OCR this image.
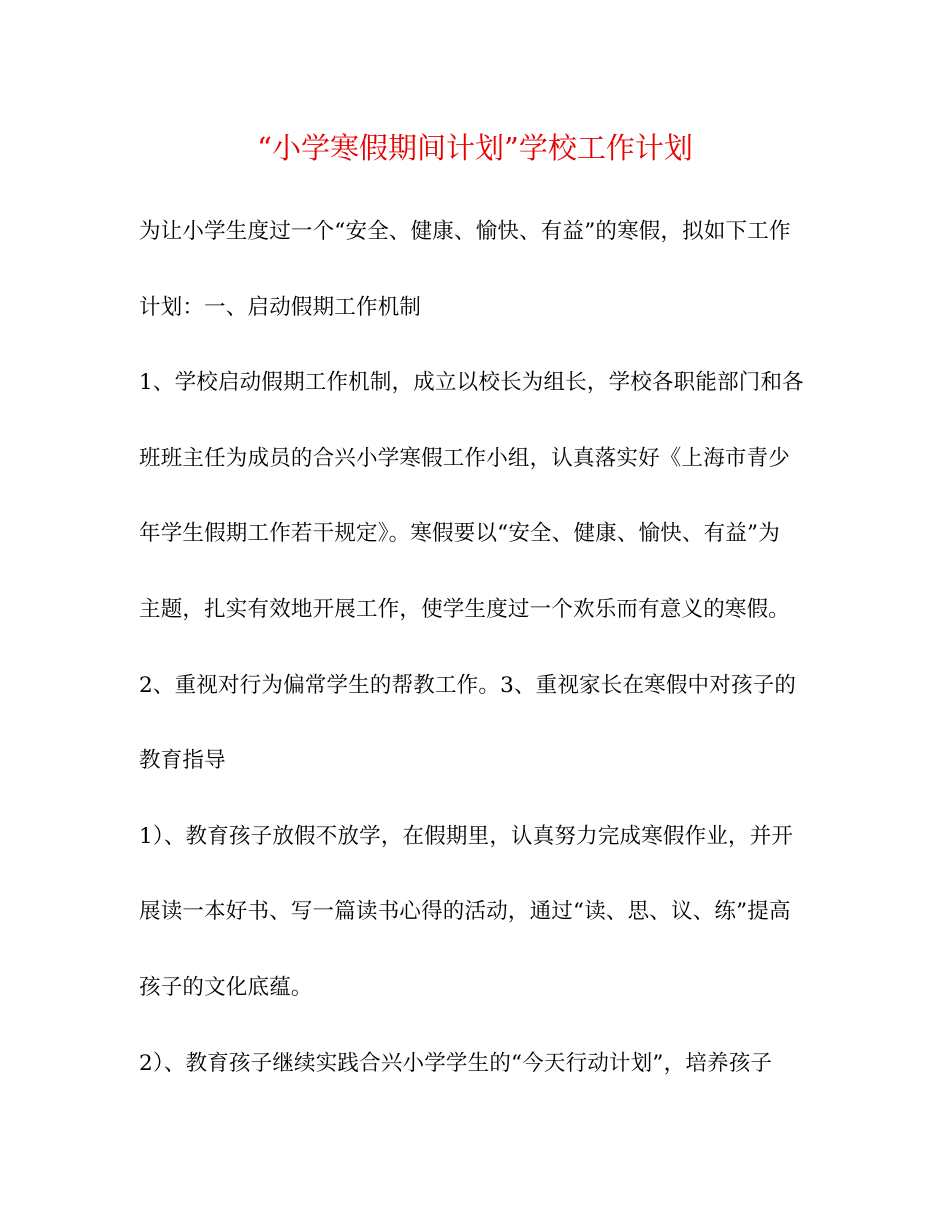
“小学寒假期间计划”学校工作计划
为让小学生度过一个“安全、健康、愉快、有益”的寒假，拟如下工作
计划：一、启动假期工作机制
1、学校启动假期工作机制，成立以校长为组长，学校各职能部门和各
班班主任为成员的合兴小学寒假工作小组，认真落实好《上海市青少
年学生假期工作若干规定》。寒假要以“安全、健康、愉快、有益”为
主题，扎实有效地开展工作，使学生度过一个欢乐而有意义的寒假。
2、重视对行为偏常学生的帮教工作。3、重视家长在寒假中对孩子的
教育指导
1）、教育孩子放假不放学，在假期里，认真努力完成寒假作业，并开
展读一本好书、写一篇读书心得的活动，通过“读、思、议、练”提高
孩子的文化底蕴。
2）、教育孩子继续实践合兴小学学生的“今天行动计划”，培养孩子
